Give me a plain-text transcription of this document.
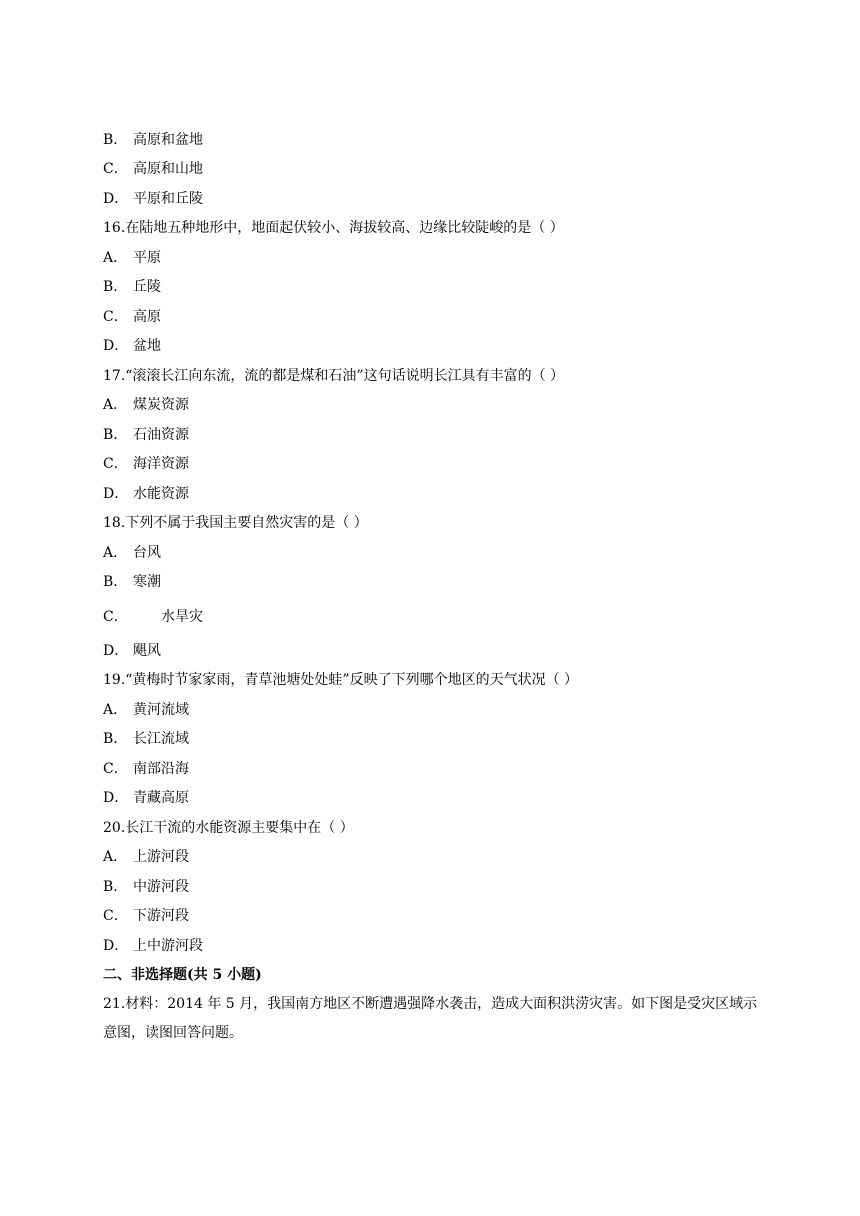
B． 高原和盆地
C． 高原和山地
D． 平原和丘陵
16.在陆地五种地形中，地面起伏较小、海拔较高、边缘比较陡峻的是（ ）
A． 平原
B． 丘陵
C． 高原
D． 盆地
17.“滚滚长江向东流，流的都是煤和石油”这句话说明长江具有丰富的（ ）
A． 煤炭资源
B． 石油资源
C． 海洋资源
D． 水能资源
18.下列不属于我国主要自然灾害的是（ ）
A． 台风
B． 寒潮
C． 水旱灾
D． 飓风
19.“黄梅时节家家雨，青草池塘处处蛙”反映了下列哪个地区的天气状况（ ）
A． 黄河流域
B． 长江流域
C． 南部沿海
D． 青藏高原
20.长江干流的水能资源主要集中在（ ）
A． 上游河段
B． 中游河段
C． 下游河段
D． 上中游河段
二、非选择题(共 5 小题)
21.材料：2014 年 5 月，我国南方地区不断遭遇强降水袭击，造成大面积洪涝灾害。如下图是受灾区域示意图，读图回答问题。
